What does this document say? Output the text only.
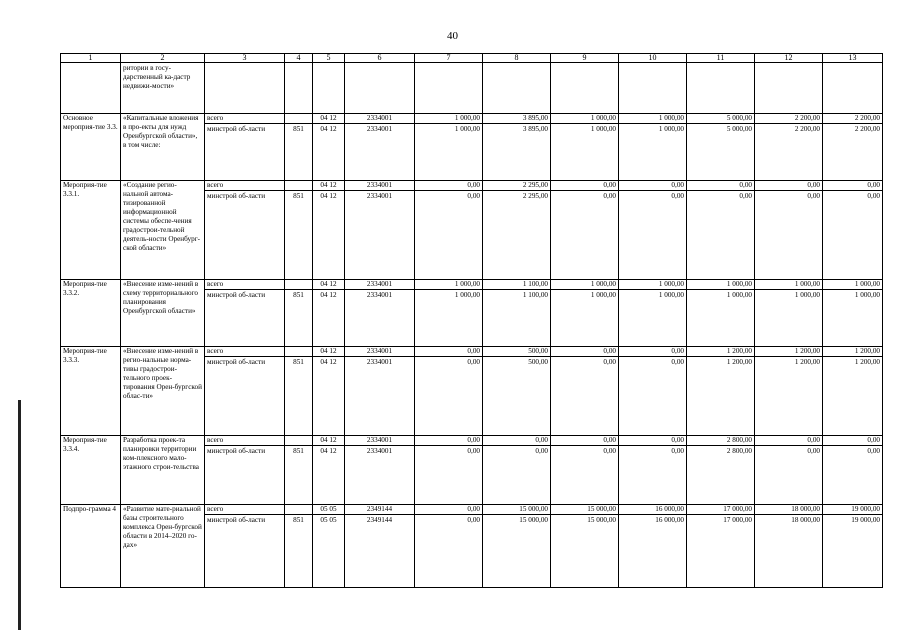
40
1	2	3	4	5	6	7	8	9	10	11	12	13
	ритории в госу-дарственный ка-дастр недвижи-мости»											
Основное мероприя-тие 3.3.	«Капитальные вложения в про-екты для нужд Оренбургской области», в том числе:	всего		04 12	2334001	1 000,00	3 895,00	1 000,00	1 000,00	5 000,00	2 200,00	2 200,00
		минстрой об-ласти	851	04 12	2334001	1 000,00	3 895,00	1 000,00	1 000,00	5 000,00	2 200,00	2 200,00
Мероприя-тие 3.3.1.	«Создание регио-нальной автома-тизированной информационной системы обеспе-чения градострои-тельной деятель-ности Оренбург-ской области»	всего		04 12	2334001	0,00	2 295,00	0,00	0,00	0,00	0,00	0,00
		минстрой об-ласти	851	04 12	2334001	0,00	2 295,00	0,00	0,00	0,00	0,00	0,00
Мероприя-тие 3.3.2.	«Внесение изме-нений в схему территориального планирования Оренбургской области»	всего		04 12	2334001	1 000,00	1 100,00	1 000,00	1 000,00	1 000,00	1 000,00	1 000,00
		минстрой об-ласти	851	04 12	2334001	1 000,00	1 100,00	1 000,00	1 000,00	1 000,00	1 000,00	1 000,00
Мероприя-тие 3.3.3.	«Внесение изме-нений в регио-нальные норма-тивы градострои-тельного проек-тирования Орен-бургской облас-ти»	всего		04 12	2334001	0,00	500,00	0,00	0,00	1 200,00	1 200,00	1 200,00
		минстрой об-ласти	851	04 12	2334001	0,00	500,00	0,00	0,00	1 200,00	1 200,00	1 200,00
Мероприя-тие 3.3.4.	Разработка проек-та планировки территории ком-плексного мало-этажного строи-тельства	всего		04 12	2334001	0,00	0,00	0,00	0,00	2 800,00	0,00	0,00
		минстрой об-ласти	851	04 12	2334001	0,00	0,00	0,00	0,00	2 800,00	0,00	0,00
Подпро-грамма 4	«Развитие мате-риальной базы строительного комплекса Орен-бургской области в 2014–2020 го-дах»	всего		05 05	2349144	0,00	15 000,00	15 000,00	16 000,00	17 000,00	18 000,00	19 000,00
		минстрой об-ласти	851	05 05	2349144	0,00	15 000,00	15 000,00	16 000,00	17 000,00	18 000,00	19 000,00
